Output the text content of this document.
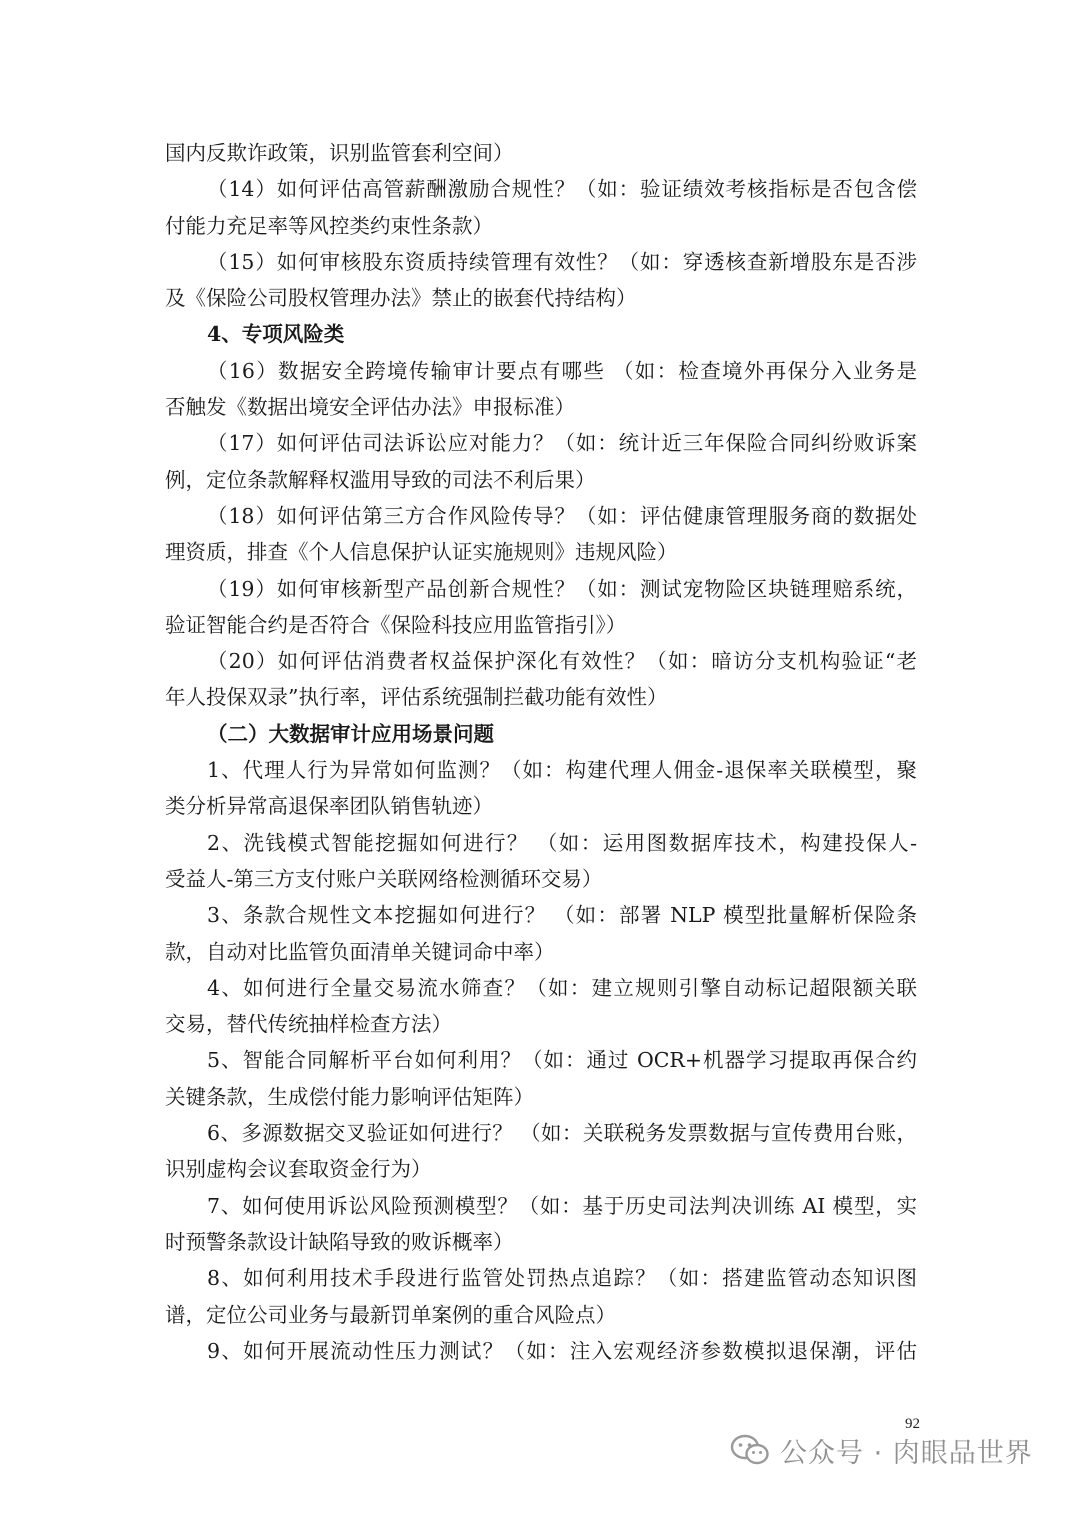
国内反欺诈政策，识别监管套利空间）
（14）如何评估高管薪酬激励合规性？（如：验证绩效考核指标是否包含偿
付能力充足率等风控类约束性条款）
（15）如何审核股东资质持续管理有效性？（如：穿透核查新增股东是否涉
及《保险公司股权管理办法》禁止的嵌套代持结构）
4、专项风险类
（16）数据安全跨境传输审计要点有哪些 （如：检查境外再保分入业务是
否触发《数据出境安全评估办法》申报标准）
（17）如何评估司法诉讼应对能力？（如：统计近三年保险合同纠纷败诉案
例，定位条款解释权滥用导致的司法不利后果）
（18）如何评估第三方合作风险传导？（如：评估健康管理服务商的数据处
理资质，排查《个人信息保护认证实施规则》违规风险）
（19）如何审核新型产品创新合规性？（如：测试宠物险区块链理赔系统，
验证智能合约是否符合《保险科技应用监管指引》）
（20）如何评估消费者权益保护深化有效性？（如：暗访分支机构验证“老
年人投保双录”执行率，评估系统强制拦截功能有效性）
（二）大数据审计应用场景问题
1、代理人行为异常如何监测？（如：构建代理人佣金-退保率关联模型，聚
类分析异常高退保率团队销售轨迹）
2、洗钱模式智能挖掘如何进行？ （如：运用图数据库技术，构建投保人-
受益人-第三方支付账户关联网络检测循环交易）
3、条款合规性文本挖掘如何进行？ （如：部署 NLP 模型批量解析保险条
款，自动对比监管负面清单关键词命中率）
4、如何进行全量交易流水筛查？（如：建立规则引擎自动标记超限额关联
交易，替代传统抽样检查方法）
5、智能合同解析平台如何利用？（如：通过 OCR+机器学习提取再保合约
关键条款，生成偿付能力影响评估矩阵）
6、多源数据交叉验证如何进行？ （如：关联税务发票数据与宣传费用台账，
识别虚构会议套取资金行为）
7、如何使用诉讼风险预测模型？（如：基于历史司法判决训练 AI 模型，实
时预警条款设计缺陷导致的败诉概率）
8、如何利用技术手段进行监管处罚热点追踪？（如：搭建监管动态知识图
谱，定位公司业务与最新罚单案例的重合风险点）
9、如何开展流动性压力测试？（如：注入宏观经济参数模拟退保潮，评估
92
公众号 · 肉眼品世界
